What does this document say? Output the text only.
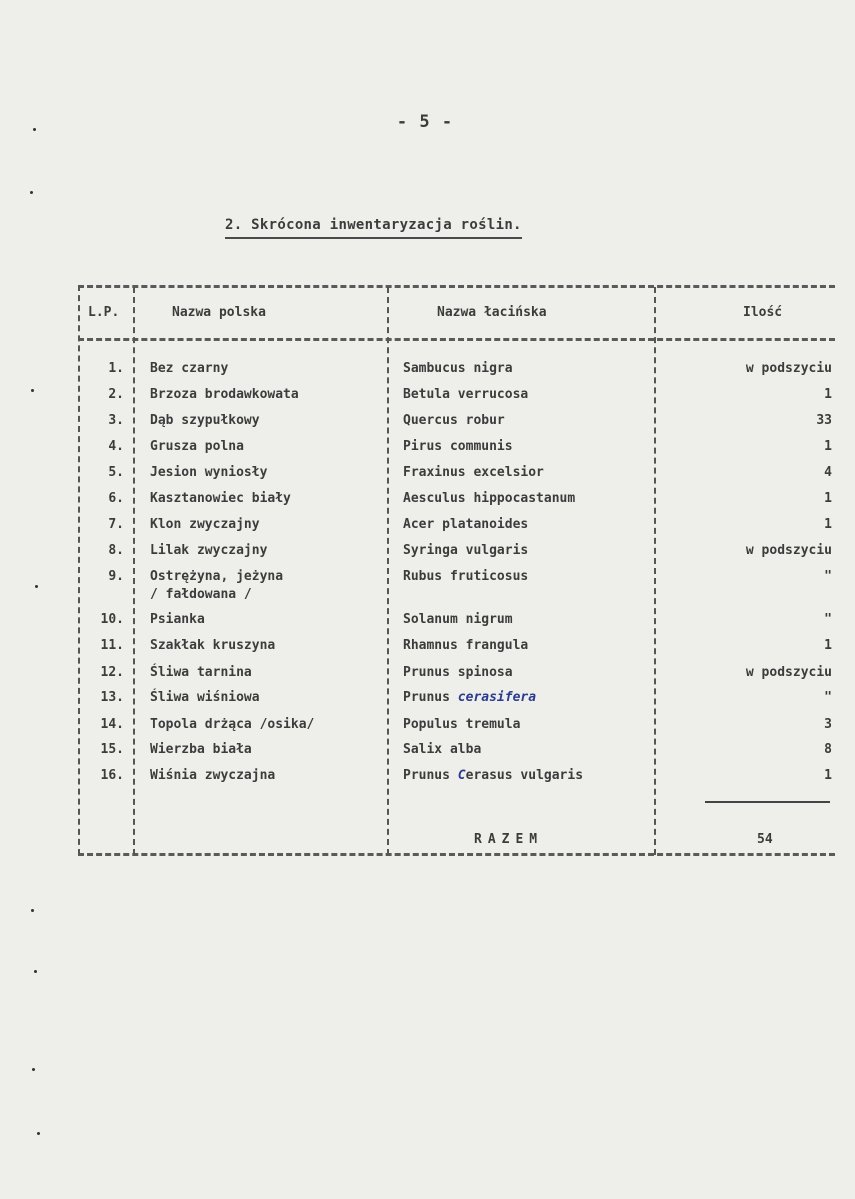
- 5 -
2. Skrócona inwentaryzacja roślin.
L.P.	Nazwa polska	Nazwa łacińska	Ilość
1. Bez czarny	Sambucus nigra	w podszyciu
2. Brzoza brodawkowata	Betula verrucosa	1
3. Dąb szypułkowy	Quercus robur	33
4. Grusza polna	Pirus communis	1
5. Jesion wyniosły	Fraxinus excelsior	4
6. Kasztanowiec biały	Aesculus hippocastanum	1
7. Klon zwyczajny	Acer platanoides	1
8. Lilak zwyczajny	Syringa vulgaris	w podszyciu
9. Ostrężyna, jeżyna
/ fałdowana /
Rubus fruticosus	"
10. Psianka	Solanum nigrum	"
11. Szakłak kruszyna	Rhamnus frangula	1
12. Śliwa tarnina	Prunus spinosa	w podszyciu
13. Śliwa wiśniowa	Prunus cerasifera	"
14. Topola drżąca /osika/	Populus tremula	3
15. Wierzba biała	Salix alba	8
16. Wiśnia zwyczajna	Prunus Cerasus vulgaris	1
RAZEM	54
